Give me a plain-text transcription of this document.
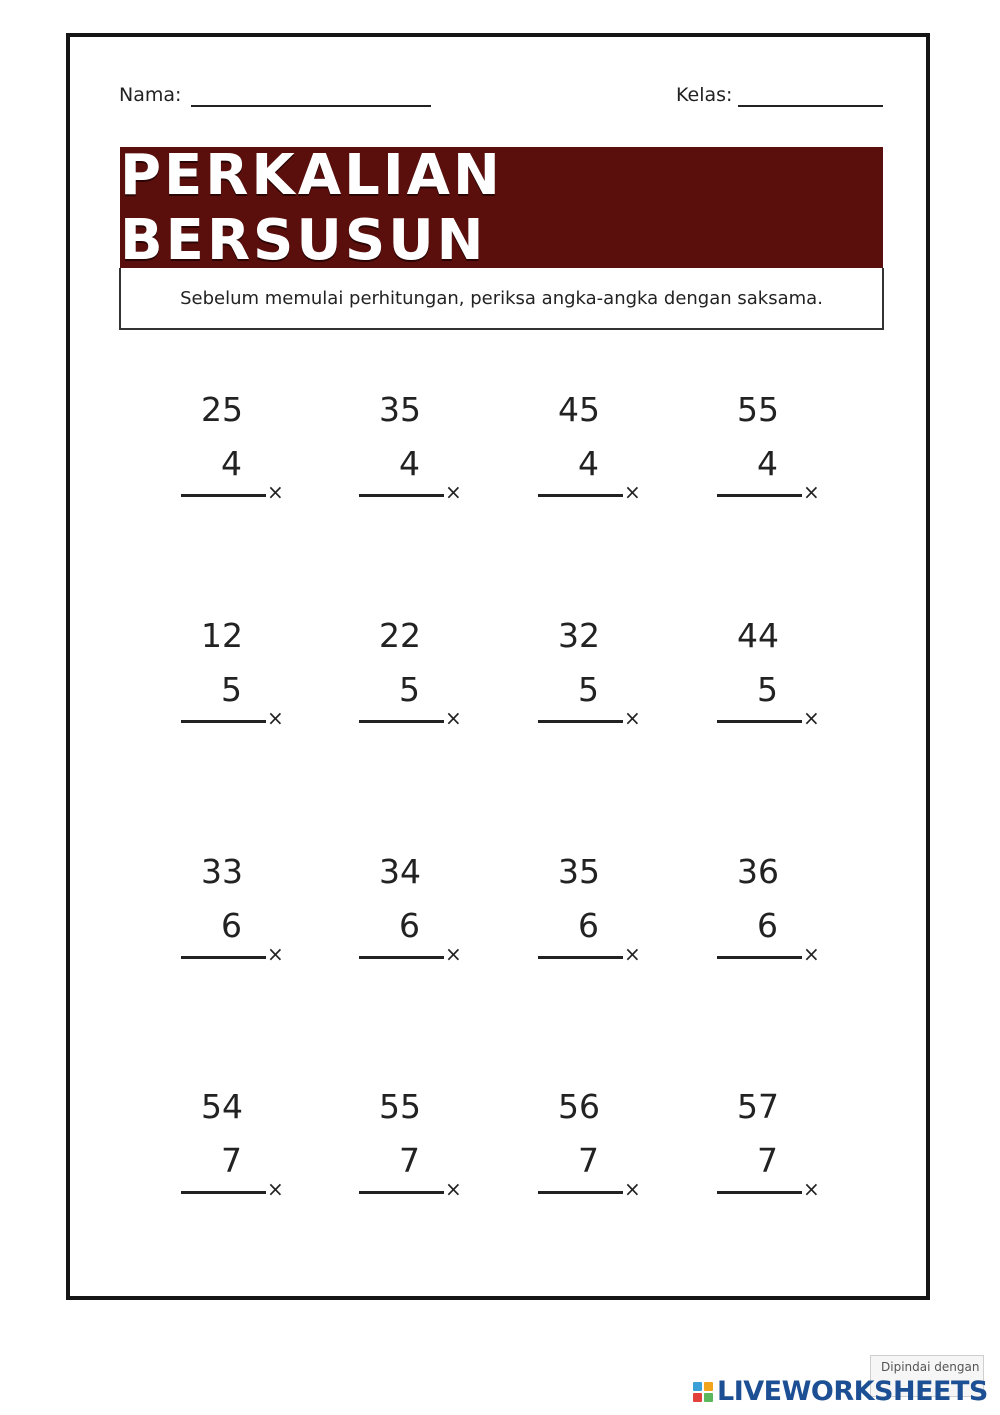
Nama:	Kelas:
PERKALIAN BERSUSUN
Sebelum memulai perhitungan, periksa angka-angka dengan saksama.
25
4
×
35
4
×
45
4
×
55
4
×
12
5
×
22
5
×
32
5
×
44
5
×
33
6
×
34
6
×
35
6
×
36
6
×
54
7
×
55
7
×
56
7
×
57
7
×
Dipindai dengan
LIVEWORKSHEETS
